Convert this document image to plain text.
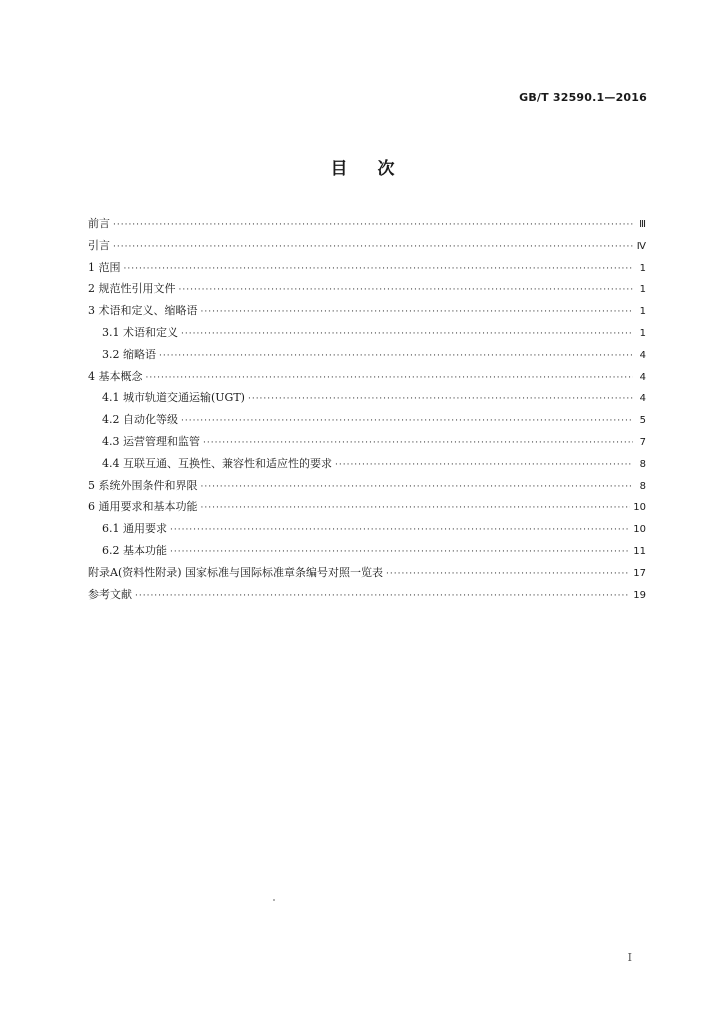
GB/T 32590.1—2016
目次
前言 ·····	Ⅲ
引言 ·····	Ⅳ
1 范围 ·····	1
2 规范性引用文件 ·····	1
3 术语和定义、缩略语 ·····	1
3.1 术语和定义 ·····	1
3.2 缩略语 ·····	4
4 基本概念 ·····	4
4.1 城市轨道交通运输(UGT) ·····	4
4.2 自动化等级 ·····	5
4.3 运营管理和监管 ·····	7
4.4 互联互通、互换性、兼容性和适应性的要求 ·····	8
5 系统外围条件和界限 ·····	8
6 通用要求和基本功能 ·····	10
6.1 通用要求 ·····	10
6.2 基本功能 ·····	11
附录A(资料性附录) 国家标准与国际标准章条编号对照一览表 ·····	17
参考文献 ·····	19
I
